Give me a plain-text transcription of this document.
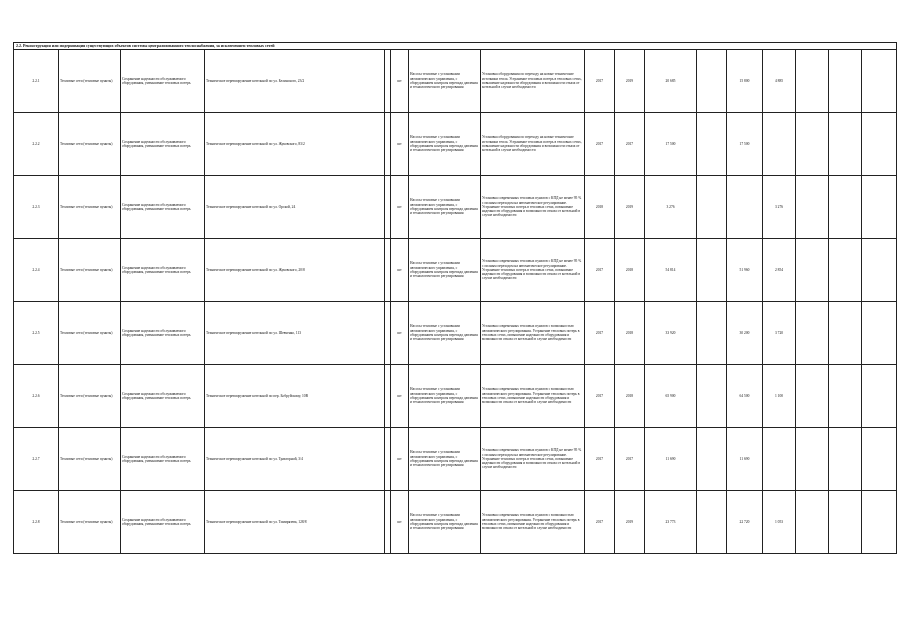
2.2. Реконструкция или модернизация существующих объектов системы централизованного теплоснабжения, за исключением тепловых сетей																
2.2.1	Тепловые сети (тепловые пункты)	Сохранение надежности обслуживаемого оборудования, уменьшение тепловых потерь	Техническое перевооружение котельной по ул. Белинского, 23/2		шт	Насосы тепловые с установками автоматического управления, с оборудованием контроля перепада давления и технологического регулирования	Установка оборудования по переходу на новые технические источники тепла. Устранение тепловых потерь в тепловых сетях, повышение надежности оборудования и возможности отказа от котельной в случае необходимости	2017	2019	20 685		15 800	4 885			
2.2.2	Тепловые сети (тепловые пункты)	Сохранение надежности обслуживаемого оборудования, уменьшение тепловых потерь	Техническое перевооружение котельной по ул. Жуковского, 83/2		шт	Насосы тепловые с установками автоматического управления, с оборудованием контроля перепада давления и технологического регулирования	Установка оборудования по переходу на новые технические источники тепла. Устранение тепловых потерь в тепловых сетях, повышение надежности оборудования и возможности отказа от котельной в случае необходимости	2017	2017	17 500		17 500				
2.2.3	Тепловые сети (тепловые пункты)	Сохранение надежности обслуживаемого оборудования, уменьшение тепловых потерь	Техническое перевооружение котельной по ул. Орской, 24		шт	Насосы тепловые с установками автоматического управления, с оборудованием контроля перепада давления и технологического регулирования	Установка современных тепловых пунктов с КПД не менее 95 % с полным переходом на автоматическое регулирование. Устранение тепловых потерь в тепловых сетях, повышение надежности оборудования и возможности отказа от котельной в случае необходимости	2018	2019	3 276			3 276			
2.2.4	Тепловые сети (тепловые пункты)	Сохранение надежности обслуживаемого оборудования, уменьшение тепловых потерь	Техническое перевооружение котельной по ул. Жуковского, 20/8		шт	Насосы тепловые с установками автоматического управления, с оборудованием контроля перепада давления и технологического регулирования	Установка современных тепловых пунктов с КПД не менее 95 % с полным переходом на автоматическое регулирование. Устранение тепловых потерь в тепловых сетях, повышение надежности оборудования и возможности отказа от котельной в случае необходимости	2017	2018	54 814		51 960	2 854			
2.2.5	Тепловые сети (тепловые пункты)	Сохранение надежности обслуживаемого оборудования, уменьшение тепловых потерь	Техническое перевооружение котельной по ул. Шевченко, 113		шт	Насосы тепловые с установками автоматического управления, с оборудованием контроля перепада давления и технологического регулирования	Установка современных тепловых пунктов с возможностью автоматического регулирования. Устранение тепловых потерь в тепловых сетях, повышение надежности оборудования и возможности отказа от котельной в случае необходимости	2017	2018	33 920		30 200	3 720			
2.2.6	Тепловые сети (тепловые пункты)	Сохранение надежности обслуживаемого оборудования, уменьшение тепловых потерь	Техническое перевооружение котельной по пер. Бобруйскому, 10В		шт	Насосы тепловые с установками автоматического управления, с оборудованием контроля перепада давления и технологического регулирования	Установка современных тепловых пунктов с возможностью автоматического регулирования. Устранение тепловых потерь в тепловых сетях, повышение надежности оборудования и возможности отказа от котельной в случае необходимости	2017	2018	65 900		64 500	1 100			
2.2.7	Тепловые сети (тепловые пункты)	Сохранение надежности обслуживаемого оборудования, уменьшение тепловых потерь	Техническое перевооружение котельной по ул. Тракторной, 3/4		шт	Насосы тепловые с установками автоматического управления, с оборудованием контроля перепада давления и технологического регулирования	Установка современных тепловых пунктов с КПД не менее 95 % с полным переходом на автоматическое регулирование. Устранение тепловых потерь в тепловых сетях, повышение надежности оборудования и возможности отказа от котельной в случае необходимости	2017	2017	11 690		11 690				
2.2.8	Тепловые сети (тепловые пункты)	Сохранение надежности обслуживаемого оборудования, уменьшение тепловых потерь	Техническое перевооружение котельной по ул. Тимирязева, 128/8		шт	Насосы тепловые с установками автоматического управления, с оборудованием контроля перепада давления и технологического регулирования	Установка современных тепловых пунктов с возможностью автоматического регулирования. Устранение тепловых потерь в тепловых сетях, повышение надежности оборудования и возможности отказа от котельной в случае необходимости	2017	2019	23 773		22 720	1 053			
